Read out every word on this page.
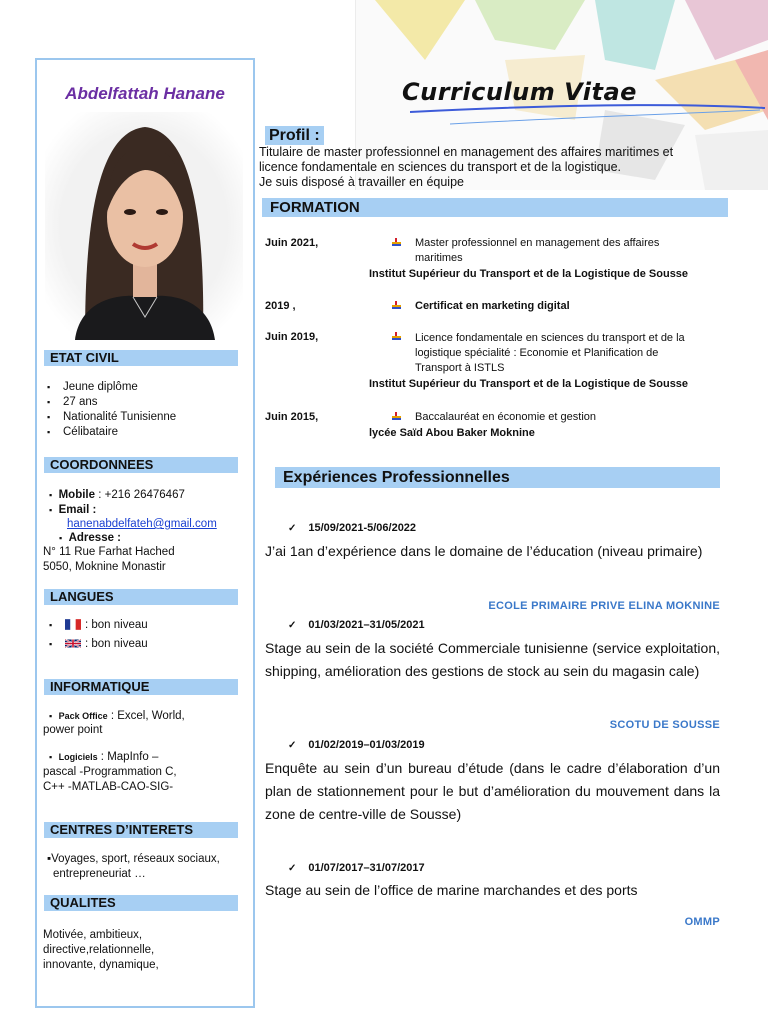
Curriculum Vitae
Abdelfattah Hanane
ETAT CIVIL
▪ Jeune diplôme
▪ 27 ans
▪ Nationalité Tunisienne
▪ Célibataire
COORDONNEES
▪ Mobile : +216 26476467
▪ Email :
hanenabdelfateh@gmail.com
▪ Adresse :
N° 11 Rue Farhat Hached
5050, Moknine Monastir
LANGUES
▪	: bon niveau
▪	: bon niveau
INFORMATIQUE
▪ Pack Office : Excel, World,
power point
▪ Logiciels : MapInfo –
pascal -Programmation C,
C++ -MATLAB-CAO-SIG-
CENTRES D’INTERETS
▪Voyages, sport, réseaux sociaux,
entrepreneuriat …
QUALITES
Motivée, ambitieux,
directive,relationnelle,
innovante, dynamique,
Profil :
Titulaire de master professionnel en management des affaires maritimes et
licence fondamentale en sciences du transport et de la logistique.
Je suis disposé à travailler en équipe
FORMATION
Juin 2021,	Master professionnel en management des affaires
maritimes
Institut Supérieur du Transport et de la Logistique de Sousse
2019 ,	Certificat en marketing digital
Juin 2019,	Licence fondamentale en sciences du transport et de la
logistique spécialité : Economie et Planification de
Transport à ISTLS
Institut Supérieur du Transport et de la Logistique de Sousse
Juin 2015,	Baccalauréat en économie et gestion
lycée Saïd Abou Baker Moknine
Expériences Professionnelles
✓ 15/09/2021-5/06/2022
J’ai 1an d’expérience dans le domaine de l’éducation (niveau primaire)
ECOLE PRIMAIRE PRIVE ELINA MOKNINE
✓ 01/03/2021–31/05/2021
Stage au sein de la société Commerciale tunisienne (service exploitation, shipping, amélioration des gestions de stock au sein du magasin cale)
SCOTU DE SOUSSE
✓ 01/02/2019–01/03/2019
Enquête au sein d’un bureau d’étude (dans le cadre d’élaboration d’un plan de stationnement pour le but d’amélioration du mouvement dans la zone de centre-ville de Sousse)
✓ 01/07/2017–31/07/2017
Stage au sein de l’office de marine marchandes et des ports
OMMP
